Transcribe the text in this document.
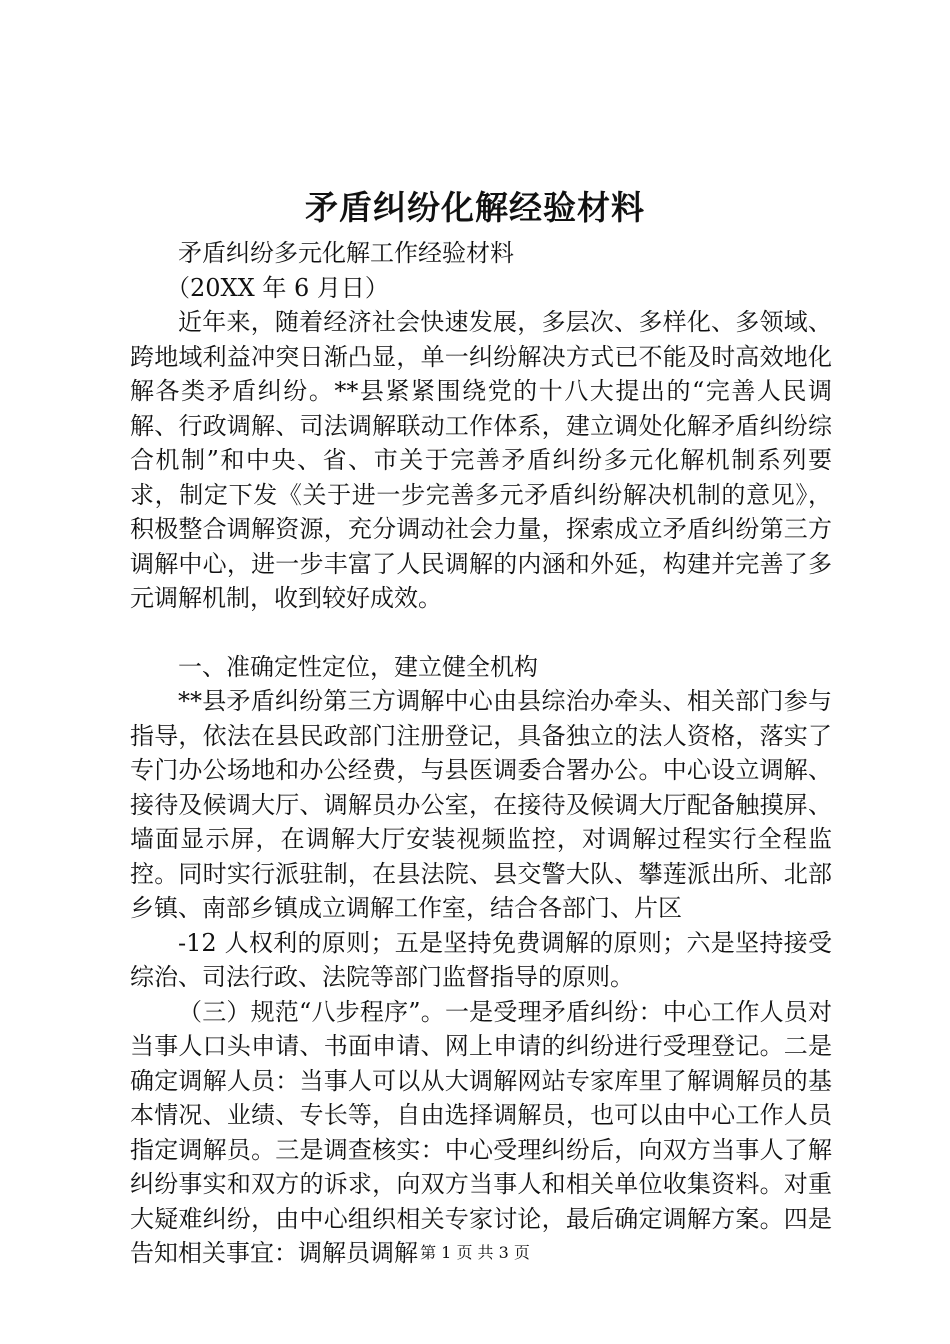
矛盾纠纷化解经验材料

矛盾纠纷多元化解工作经验材料

（20XX 年 6 月日）

近年来，随着经济社会快速发展，多层次、多样化、多领域、跨地域利益冲突日渐凸显，单一纠纷解决方式已不能及时高效地化解各类矛盾纠纷。**县紧紧围绕党的十八大提出的“完善人民调解、行政调解、司法调解联动工作体系，建立调处化解矛盾纠纷综合机制”和中央、省、市关于完善矛盾纠纷多元化解机制系列要求，制定下发《关于进一步完善多元矛盾纠纷解决机制的意见》，积极整合调解资源，充分调动社会力量，探索成立矛盾纠纷第三方调解中心，进一步丰富了人民调解的内涵和外延，构建并完善了多元调解机制，收到较好成效。

一、准确定性定位，建立健全机构

**县矛盾纠纷第三方调解中心由县综治办牵头、相关部门参与指导，依法在县民政部门注册登记，具备独立的法人资格，落实了专门办公场地和办公经费，与县医调委合署办公。中心设立调解、接待及候调大厅、调解员办公室，在接待及候调大厅配备触摸屏、墙面显示屏，在调解大厅安装视频监控，对调解过程实行全程监控。同时实行派驻制，在县法院、县交警大队、攀莲派出所、北部乡镇、南部乡镇成立调解工作室，结合各部门、片区

-12 人权利的原则；五是坚持免费调解的原则；六是坚持接受综治、司法行政、法院等部门监督指导的原则。

（三）规范“八步程序”。一是受理矛盾纠纷：中心工作人员对当事人口头申请、书面申请、网上申请的纠纷进行受理登记。二是确定调解人员：当事人可以从大调解网站专家库里了解调解员的基本情况、业绩、专长等，自由选择调解员，也可以由中心工作人员指定调解员。三是调查核实：中心受理纠纷后，向双方当事人了解纠纷事实和双方的诉求，向双方当事人和相关单位收集资料。对重大疑难纠纷，由中心组织相关专家讨论，最后确定调解方案。四是告知相关事宜：调解员调解 第 1 页 共 3 页
